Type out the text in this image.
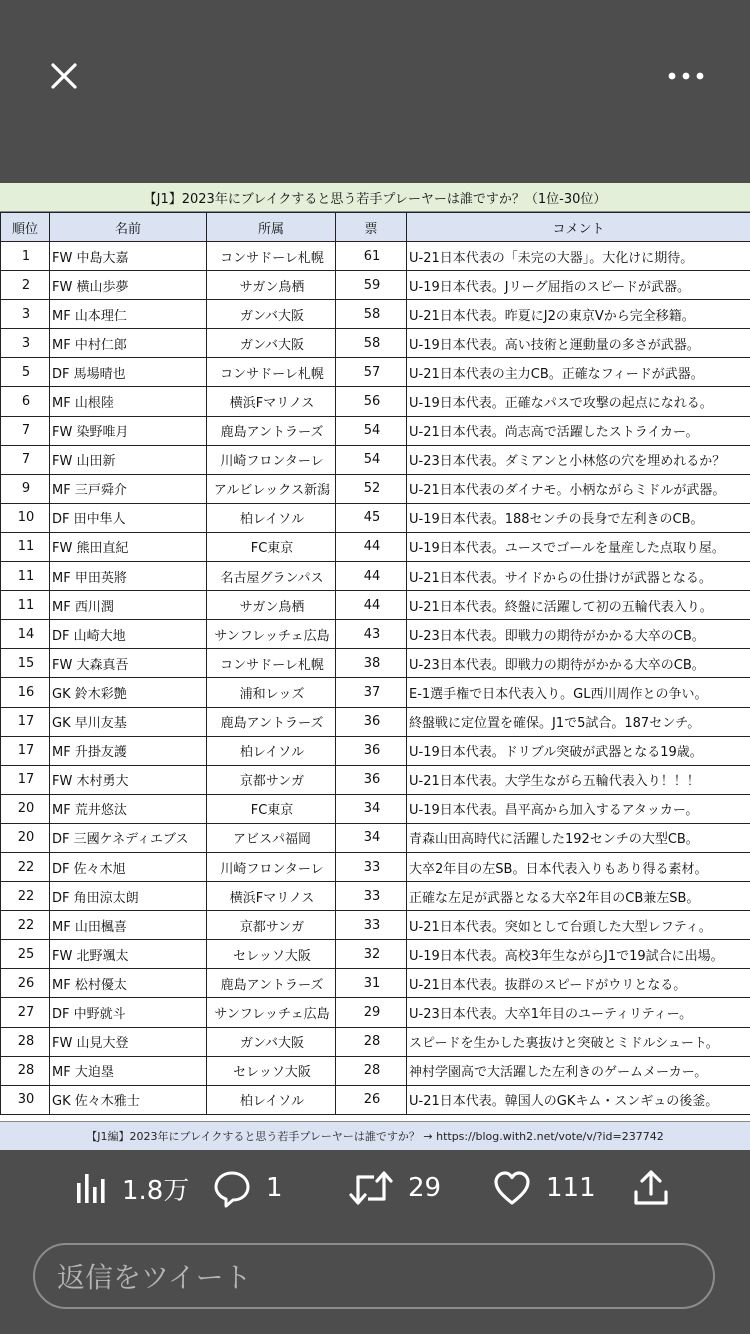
【J1】2023年にブレイクすると思う若手プレーヤーは誰ですか？（1位-30位）
順位	名前	所属	票	コメント
1	FW 中島大嘉	コンサドーレ札幌	61	U-21日本代表の「未完の大器」。大化けに期待。
2	FW 横山歩夢	サガン鳥栖	59	U-19日本代表。Jリーグ屈指のスピードが武器。
3	MF 山本理仁	ガンバ大阪	58	U-21日本代表。昨夏にJ2の東京Vから完全移籍。
3	MF 中村仁郎	ガンバ大阪	58	U-19日本代表。高い技術と運動量の多さが武器。
5	DF 馬場晴也	コンサドーレ札幌	57	U-21日本代表の主力CB。正確なフィードが武器。
6	MF 山根陸	横浜Fマリノス	56	U-19日本代表。正確なパスで攻撃の起点になれる。
7	FW 染野唯月	鹿島アントラーズ	54	U-21日本代表。尚志高で活躍したストライカー。
7	FW 山田新	川崎フロンターレ	54	U-23日本代表。ダミアンと小林悠の穴を埋めれるか？
9	MF 三戸舜介	アルビレックス新潟	52	U-21日本代表のダイナモ。小柄ながらミドルが武器。
10	DF 田中隼人	柏レイソル	45	U-19日本代表。188センチの長身で左利きのCB。
11	FW 熊田直紀	FC東京	44	U-19日本代表。ユースでゴールを量産した点取り屋。
11	MF 甲田英將	名古屋グランパス	44	U-21日本代表。サイドからの仕掛けが武器となる。
11	MF 西川潤	サガン鳥栖	44	U-21日本代表。終盤に活躍して初の五輪代表入り。
14	DF 山崎大地	サンフレッチェ広島	43	U-23日本代表。即戦力の期待がかかる大卒のCB。
15	FW 大森真吾	コンサドーレ札幌	38	U-23日本代表。即戦力の期待がかかる大卒のCB。
16	GK 鈴木彩艶	浦和レッズ	37	E-1選手権で日本代表入り。GL西川周作との争い。
17	GK 早川友基	鹿島アントラーズ	36	終盤戦に定位置を確保。J1で5試合。187センチ。
17	MF 升掛友護	柏レイソル	36	U-19日本代表。ドリブル突破が武器となる19歳。
17	FW 木村勇大	京都サンガ	36	U-21日本代表。大学生ながら五輪代表入り！！！
20	MF 荒井悠汰	FC東京	34	U-19日本代表。昌平高から加入するアタッカー。
20	DF 三國ケネディエブス	アビスパ福岡	34	青森山田高時代に活躍した192センチの大型CB。
22	DF 佐々木旭	川崎フロンターレ	33	大卒2年目の左SB。日本代表入りもあり得る素材。
22	DF 角田涼太朗	横浜Fマリノス	33	正確な左足が武器となる大卒2年目のCB兼左SB。
22	MF 山田楓喜	京都サンガ	33	U-21日本代表。突如として台頭した大型レフティ。
25	FW 北野颯太	セレッソ大阪	32	U-19日本代表。高校3年生ながらJ1で19試合に出場。
26	MF 松村優太	鹿島アントラーズ	31	U-21日本代表。抜群のスピードがウリとなる。
27	DF 中野就斗	サンフレッチェ広島	29	U-23日本代表。大卒1年目のユーティリティー。
28	FW 山見大登	ガンバ大阪	28	スピードを生かした裏抜けと突破とミドルシュート。
28	MF 大迫塁	セレッソ大阪	28	神村学園高で大活躍した左利きのゲームメーカー。
30	GK 佐々木雅士	柏レイソル	26	U-21日本代表。韓国人のGKキム・スンギュの後釜。
【J1編】2023年にブレイクすると思う若手プレーヤーは誰ですか？ → https://blog.with2.net/vote/v/?id=237742
1.8万	1	29	111
返信をツイート
